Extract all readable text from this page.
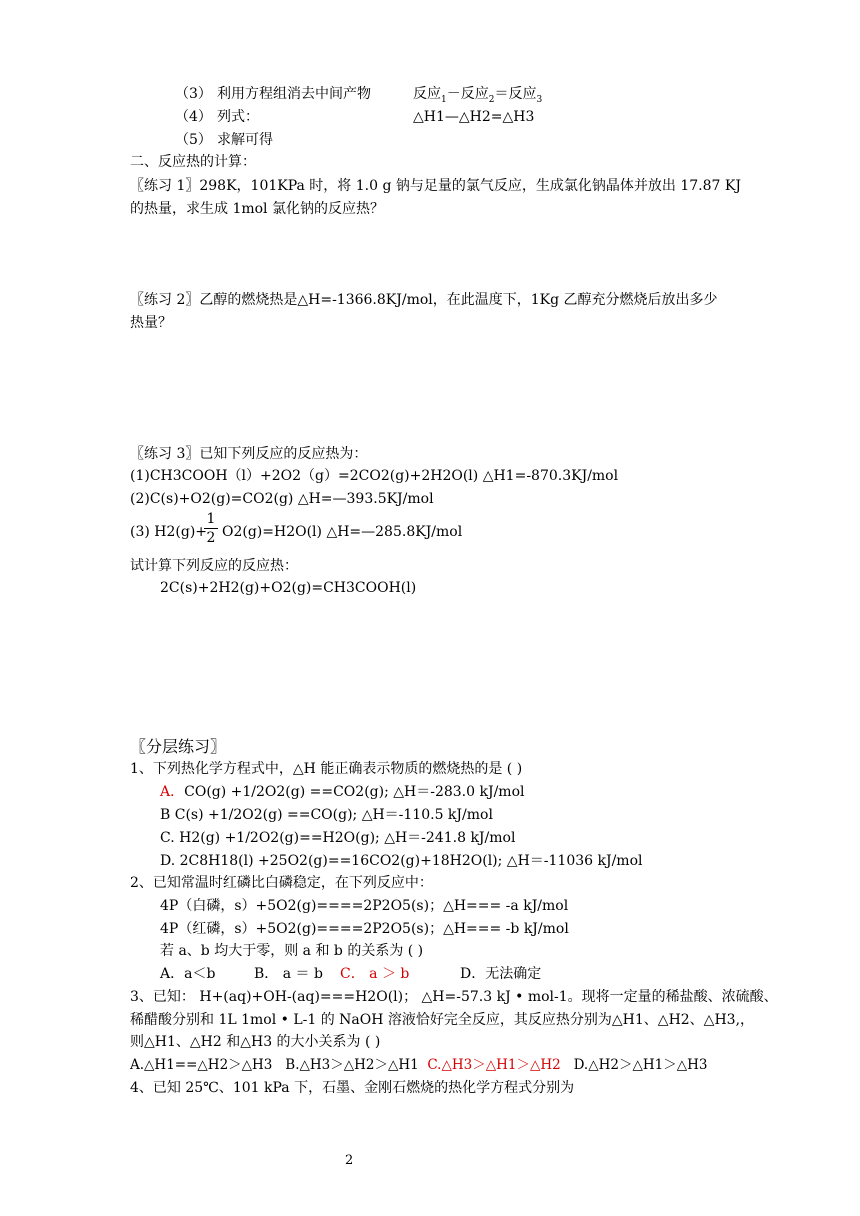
（3） 利用方程组消去中间产物	反应$_1$－反应$_2$＝反应$_3$
（4） 列式：	△H1—△H2=△H3
（5） 求解可得
二、反应热的计算：
〖练习 1〗298K，101KPa 时，将 1.0 g 钠与足量的氯气反应，生成氯化钠晶体并放出 17.87 KJ
的热量，求生成 1mol 氯化钠的反应热？
〖练习 2〗乙醇的燃烧热是△H=-1366.8KJ/mol，在此温度下，1Kg 乙醇充分燃烧后放出多少
热量？
〖练习 3〗已知下列反应的反应热为：
(1)CH3COOH（l）+2O2（g）=2CO2(g)+2H2O(l) △H1=-870.3KJ/mol
(2)C(s)+O2(g)=CO2(g) △H=—393.5KJ/mol
(3) H2(g)+
1
2 O2(g)=H2O(l) △H=—285.8KJ/mol
试计算下列反应的反应热：
2C(s)+2H2(g)+O2(g)=CH3COOH(l)
〖分层练习〗
1、下列热化学方程式中，△H 能正确表示物质的燃烧热的是 ( )
A．CO(g) +1/2O2(g) ==CO2(g); △H＝-283.0 kJ/mol
B C(s) +1/2O2(g) ==CO(g); △H＝-110.5 kJ/mol
C. H2(g) +1/2O2(g)==H2O(g); △H＝-241.8 kJ/mol
D. 2C8H18(l) +25O2(g)==16CO2(g)+18H2O(l); △H＝-11036 kJ/mol
2、已知常温时红磷比白磷稳定，在下列反应中：
4P（白磷，s）+5O2(g)====2P2O5(s)；△H=== -a kJ/mol
4P（红磷，s）+5O2(g)====2P2O5(s)；△H=== -b kJ/mol
若 a、b 均大于零，则 a 和 b 的关系为 ( )
A．a＜b	B． a ＝ b C． a ＞ b	D．无法确定
3、已知： H+(aq)+OH-(aq)===H2O(l)； △H=-57.3 kJ • mol-1。现将一定量的稀盐酸、浓硫酸、
稀醋酸分别和 1L 1mol • L-1 的 NaOH 溶液恰好完全反应，其反应热分别为△H1、△H2、△H3,，
则△H1、△H2 和△H3 的大小关系为 ( )
A.△H1==△H2＞△H3 B.△H3＞△H2＞△H1 C.△H3＞△H1＞△H2 D.△H2＞△H1＞△H3
4、已知 25℃、101 kPa 下，石墨、金刚石燃烧的热化学方程式分别为
2
